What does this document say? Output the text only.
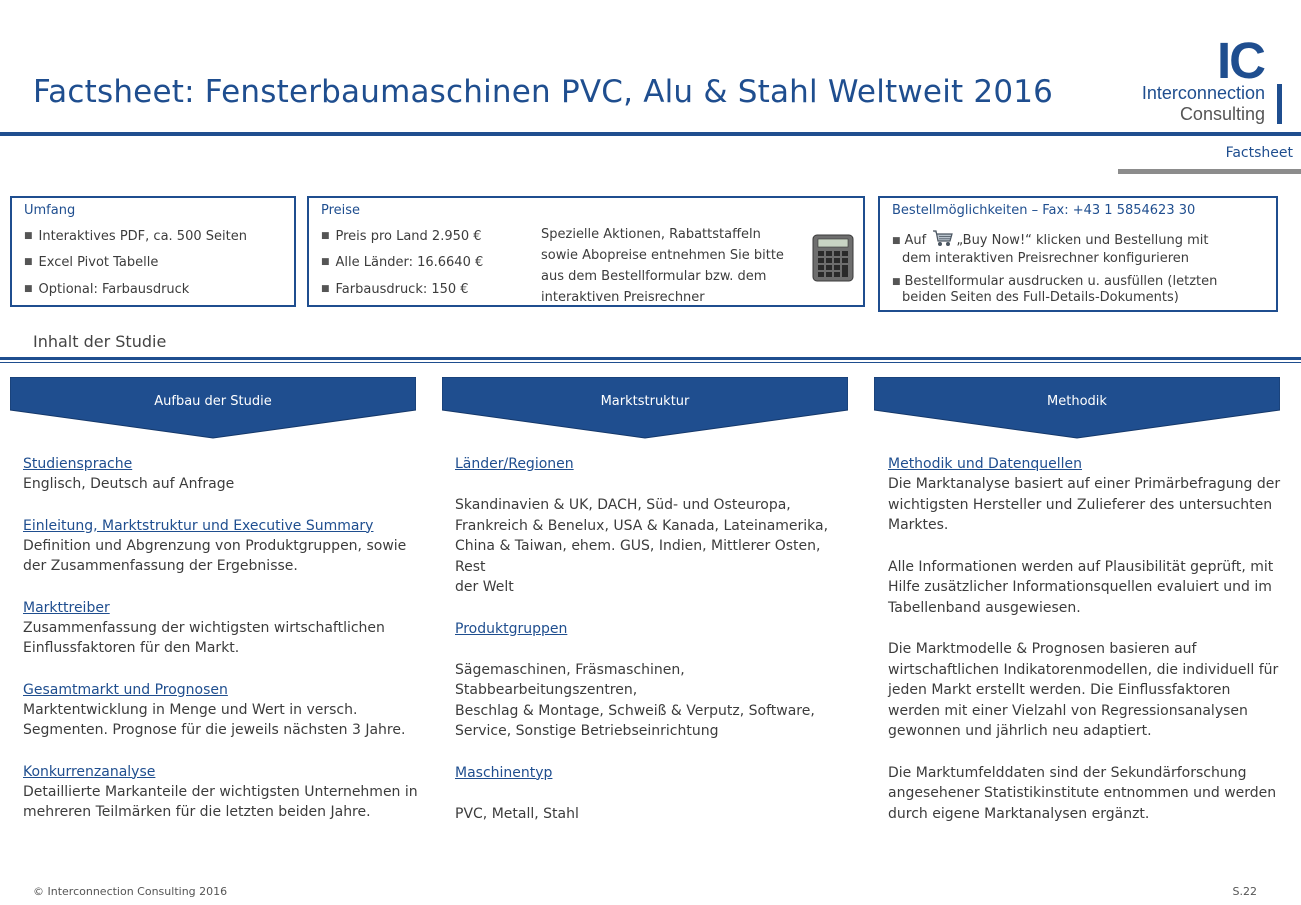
Factsheet: Fensterbaumaschinen PVC, Alu & Stahl Weltweit 2016
IC
Interconnection
Consulting
Factsheet
Umfang
■ Interaktives PDF, ca. 500 Seiten
■ Excel Pivot Tabelle
■ Optional: Farbausdruck
Preise
■ Preis pro Land 2.950 €
■ Alle Länder: 16.6640 €
■ Farbausdruck: 150 €
Spezielle Aktionen, Rabattstaffeln
sowie Abopreise entnehmen Sie bitte
aus dem Bestellformular bzw. dem
interaktiven Preisrechner
Bestellmöglichkeiten – Fax: +43 1 5854623 30
■ Auf „Buy Now!“ klicken und Bestellung mit
dem interaktiven Preisrechner konfigurieren
■ Bestellformular ausdrucken u. ausfüllen (letzten
beiden Seiten des Full-Details-Dokuments)
Inhalt der Studie
Aufbau der Studie	Marktstruktur	Methodik
Studiensprache
Englisch, Deutsch auf Anfrage
Einleitung, Marktstruktur und Executive Summary
Definition und Abgrenzung von Produktgruppen, sowie
der Zusammenfassung der Ergebnisse.
Markttreiber
Zusammenfassung der wichtigsten wirtschaftlichen
Einflussfaktoren für den Markt.
Gesamtmarkt und Prognosen
Marktentwicklung in Menge und Wert in versch.
Segmenten. Prognose für die jeweils nächsten 3 Jahre.
Konkurrenzanalyse
Detaillierte Markanteile der wichtigsten Unternehmen in
mehreren Teilmärken für die letzten beiden Jahre.
Länder/Regionen
Skandinavien & UK, DACH, Süd- und Osteuropa,
Frankreich & Benelux, USA & Kanada, Lateinamerika,
China & Taiwan, ehem. GUS, Indien, Mittlerer Osten, Rest
der Welt
Produktgruppen
Sägemaschinen, Fräsmaschinen, Stabbearbeitungszentren,
Beschlag & Montage, Schweiß & Verputz, Software,
Service, Sonstige Betriebseinrichtung
Maschinentyp
PVC, Metall, Stahl
Methodik und Datenquellen
Die Marktanalyse basiert auf einer Primärbefragung der
wichtigsten Hersteller und Zulieferer des untersuchten
Marktes.
Alle Informationen werden auf Plausibilität geprüft, mit
Hilfe zusätzlicher Informationsquellen evaluiert und im
Tabellenband ausgewiesen.
Die Marktmodelle & Prognosen basieren auf
wirtschaftlichen Indikatorenmodellen, die individuell für
jeden Markt erstellt werden. Die Einflussfaktoren
werden mit einer Vielzahl von Regressionsanalysen
gewonnen und jährlich neu adaptiert.
Die Marktumfelddaten sind der Sekundärforschung
angesehener Statistikinstitute entnommen und werden
durch eigene Marktanalysen ergänzt.
© Interconnection Consulting 2016	S.22
